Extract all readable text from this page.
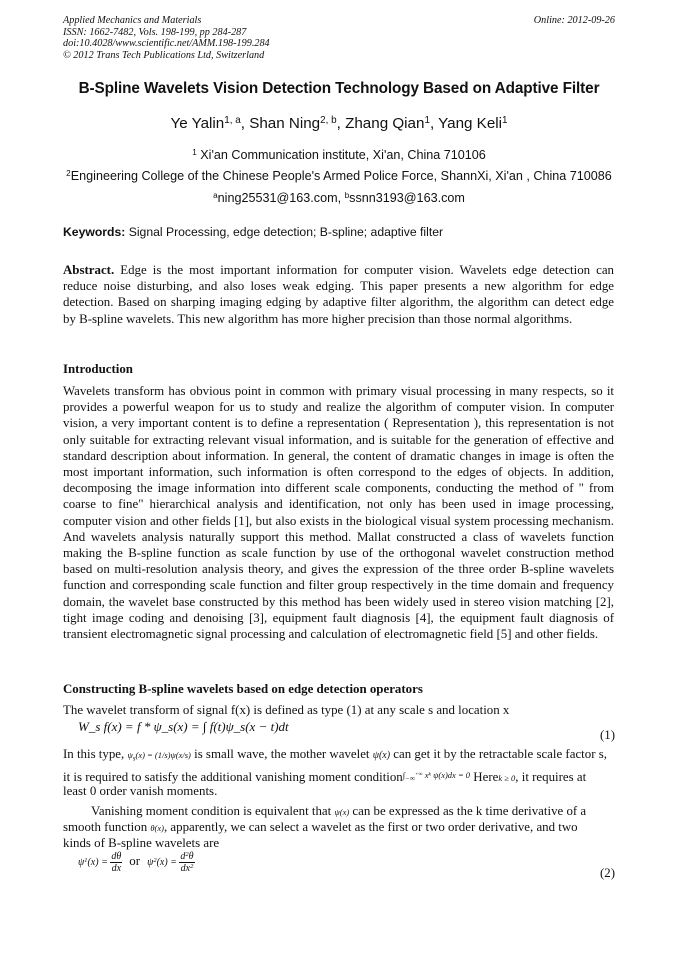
Applied Mechanics and Materials
ISSN: 1662-7482, Vols. 198-199, pp 284-287
doi:10.4028/www.scientific.net/AMM.198-199.284
© 2012 Trans Tech Publications Ltd, Switzerland
Online: 2012-09-26
B-Spline Wavelets Vision Detection Technology Based on Adaptive Filter
Ye Yalin$^{1, a}$, Shan Ning$^{2, b}$, Zhang Qian$^1$, Yang Keli$^1$
$^1$ Xi'an Communication institute, Xi'an, China 710106
$^2$Engineering College of the Chinese People's Armed Police Force, ShannXi, Xi'an , China 710086
$^a$ning25531@163.com, $^b$ssnn3193@163.com
Keywords: Signal Processing, edge detection; B-spline; adaptive filter

Abstract. Edge is the most important information for computer vision. Wavelets edge detection can reduce noise disturbing, and also loses weak edging. This paper presents a new algorithm for edge detection. Based on sharping imaging edging by adaptive filter algorithm, the algorithm can detect edge by B-spline wavelets. This new algorithm has more higher precision than those normal algorithms.

Introduction

Wavelets transform has obvious point in common with primary visual processing in many respects, so it provides a powerful weapon for us to study and realize the algorithm of computer vision. In computer vision, a very important content is to define a representation ( Representation ), this representation is not only suitable for extracting relevant visual information, and is suitable for the generation of effective and standard description about information. In general, the content of dramatic changes in image is often the most important information, such information is often correspond to the edges of objects. In addition, decomposing the image information into different scale components, conducting the method of " from coarse to fine" hierarchical analysis and identification, not only has been used in image processing, computer vision and other fields [1], but also exists in the biological visual system processing mechanism. And wavelets analysis naturally support this method. Mallat constructed a class of wavelets function making the B-spline function as scale function by use of the orthogonal wavelet construction method based on multi-resolution analysis theory, and gives the expression of the three order B-spline wavelets function and corresponding scale function and filter group respectively in the time domain and frequency domain, the wavelet base constructed by this method has been widely used in stereo vision matching [2], tight image coding and denoising [3], equipment fault diagnosis [4], the equipment fault diagnosis of transient electromagnetic signal processing and calculation of electromagnetic field [5] and other fields.

Constructing B-spline wavelets based on edge detection operators
The wavelet transform of signal f(x) is defined as type (1) at any scale s and location x
W_s f(x) = f * ψ_s(x) = ∫ f(t)ψ_s(x − t)dt
(1)
In this type, $\psi_s(x) = (1/s)\psi(x/s)$ is small wave, the mother wavelet ψ(x) can get it by the retractable scale factor s,
it is required to satisfy the additional vanishing moment condition$^{\int_{-\infty}^{+\infty} x^k \psi(x)dx = 0}$ Herek ≥ 0, it requires at
least 0 order vanish moments.
Vanishing moment condition is equivalent that ψ(x) can be expressed as the k time derivative of a
smooth function θ(x), apparently, we can select a wavelet as the first or two order derivative, and two
kinds of B-spline wavelets are
$\psi^1(x) = \frac{d\theta}{dx}$ or $\psi^2(x) = \frac{d^2\theta}{dx^2}$	(2)
